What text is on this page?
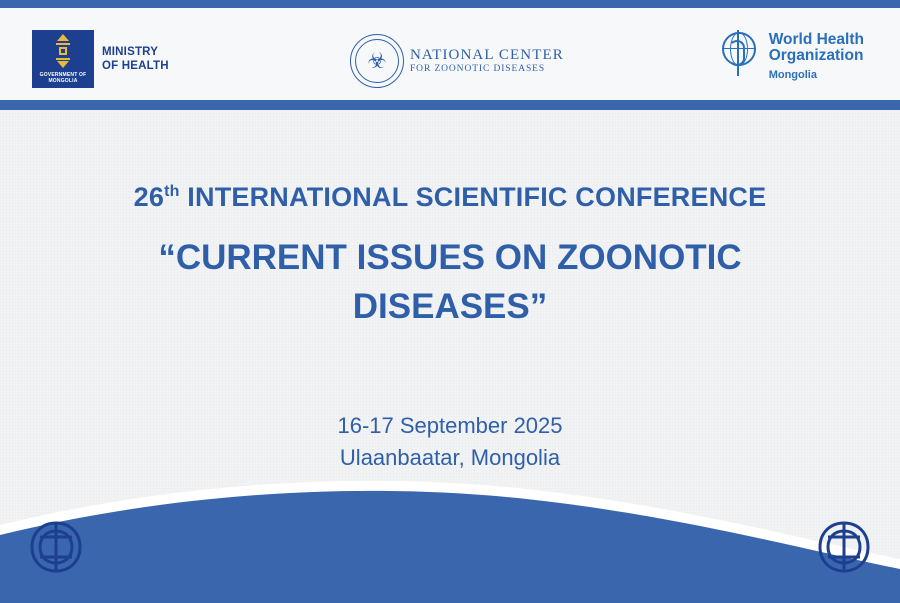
GOVERNMENT OF MONGOLIA
MINISTRY
OF HEALTH	☣ NATIONAL CENTER
FOR ZOONOTIC DISEASES
World Health
Organization
Mongolia
26th INTERNATIONAL SCIENTIFIC CONFERENCE
“CURRENT ISSUES ON ZOONOTIC DISEASES”
16-17 September 2025
Ulaanbaatar, Mongolia
